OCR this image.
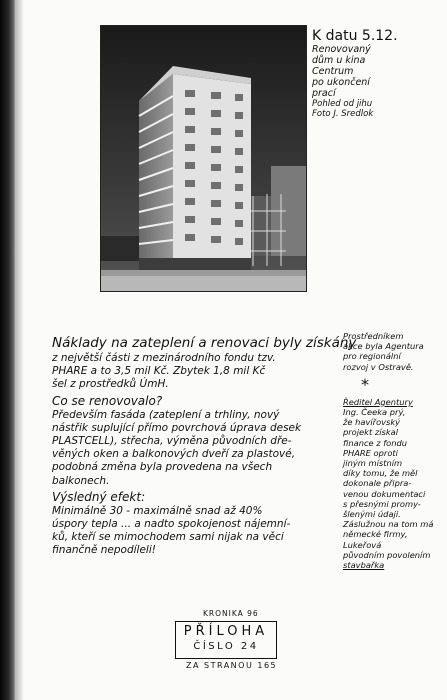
K datu 5.12.
Renovovaný
dům u kina
Centrum
po ukončení
prací
Pohled od jihu
Foto J. Sredlok
Náklady na zateplení a renovaci byly získány
z největší části z mezinárodního fondu tzv.
PHARE a to 3,5 mil Kč. Zbytek 1,8 mil Kč
šel z prostředků ÚmH.
Co se renovovalo?
Především fasáda (zateplení a trhliny, nový
nástřik suplující přímo povrchová úprava desek
PLASTCELL), střecha, výměna původních dře-
věných oken a balkonových dveří za plastové,
podobná změna byla provedena na všech
balkonech.
Výsledný efekt:
Minimálně 30 - maximálně snad až 40%
úspory tepla ... a nadto spokojenost nájemní-
ků, kteří se mimochodem sami nijak na věci
finančně nepodíleli!
Prostředníkem
akce byla Agentura
pro regionální
rozvoj v Ostravě.
*
Ředitel Agentury
Ing. Čeeka prý,
že havířovský
projekt získal
finance z fondu
PHARE oproti
jiným místním
díky tomu, že měl
dokonale připra-
venou dokumentaci
s přesnými promy-
šlenými údaji.
Záslužnou na tom má
německé firmy,
Lukeřová
původním povolením
stavbařka
KRONIKA 96
PŘÍLOHA
ČÍSLO 24
ZA STRANOU 165
